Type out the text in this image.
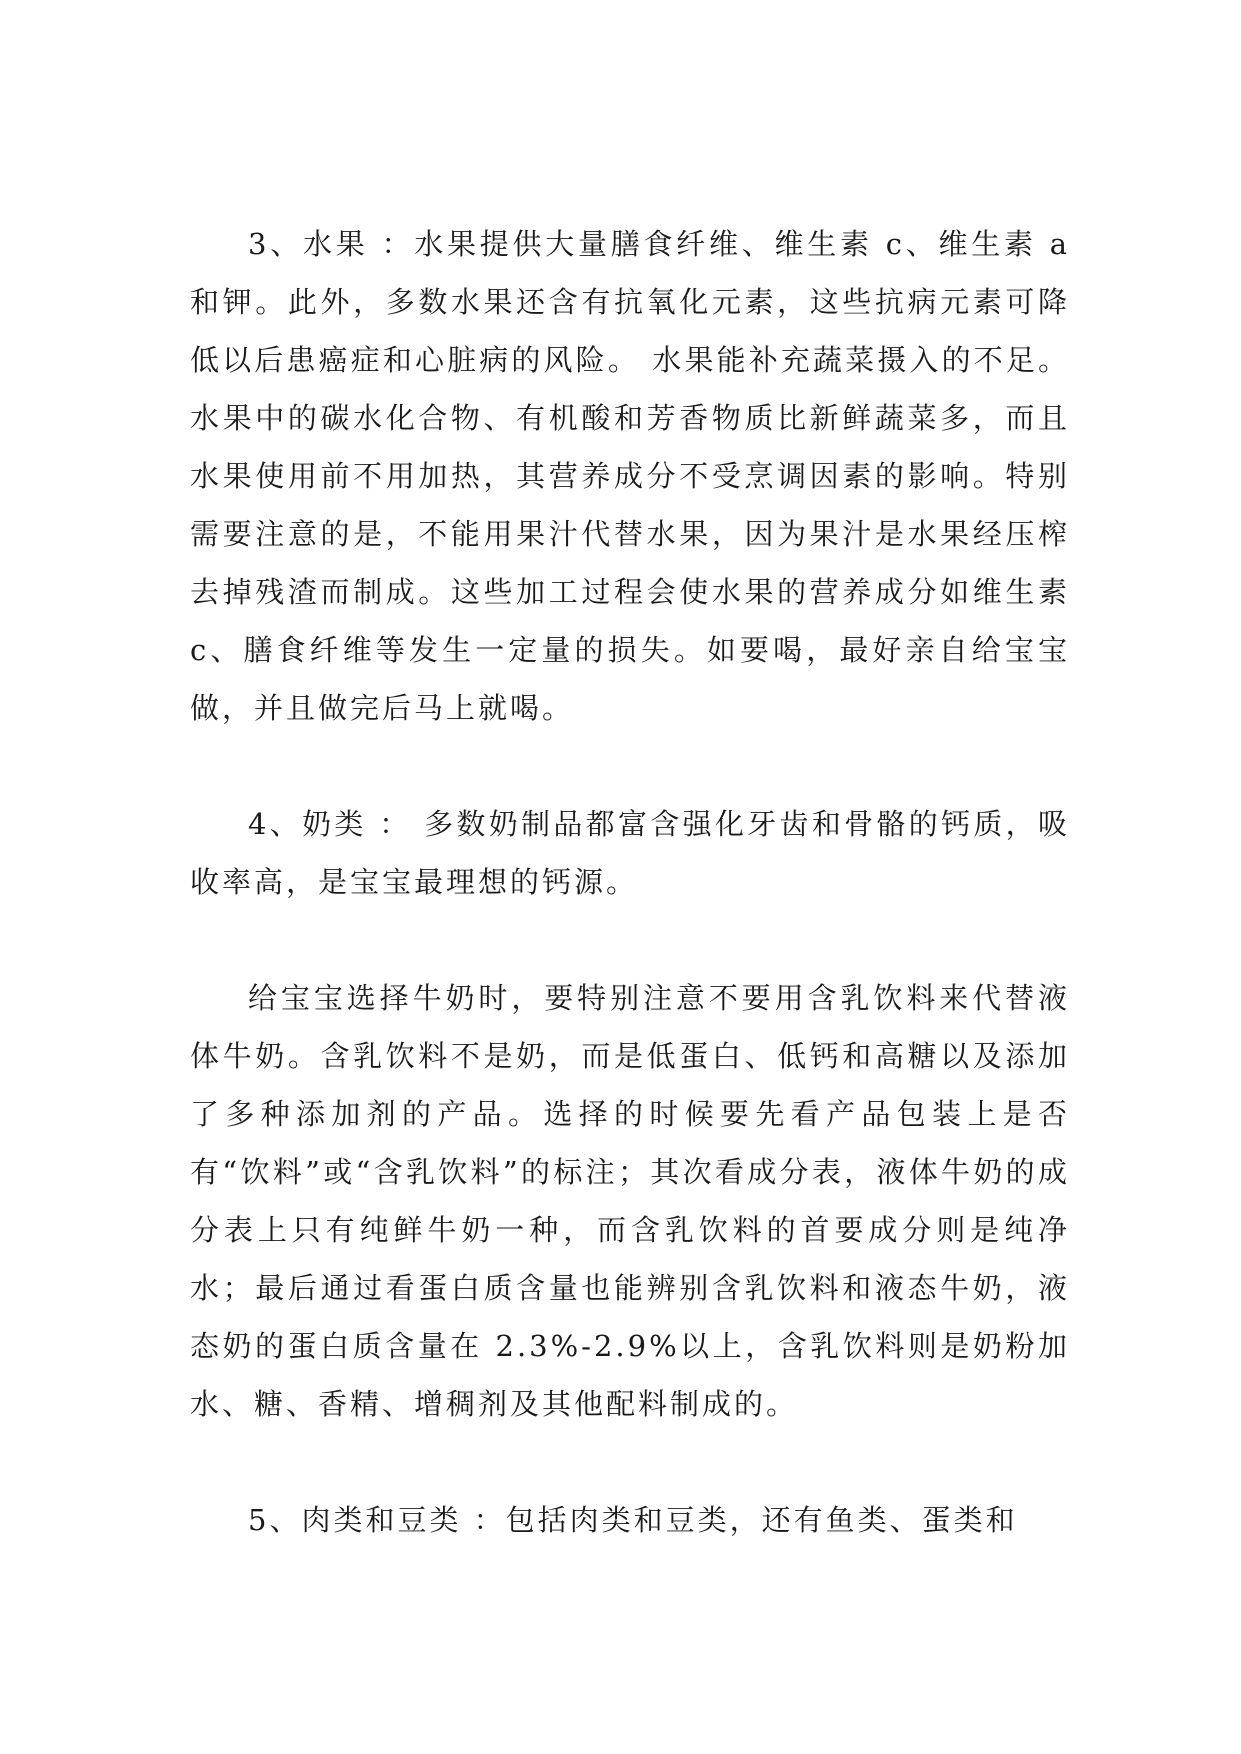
3、水果 ：水果提供大量膳食纤维、维生素 c、维生素 a 和钾。此外，多数水果还含有抗氧化元素，这些抗病元素可降低以后患癌症和心脏病的风险。 水果能补充蔬菜摄入的不足。水果中的碳水化合物、有机酸和芳香物质比新鲜蔬菜多，而且水果使用前不用加热，其营养成分不受烹调因素的影响。特别需要注意的是，不能用果汁代替水果，因为果汁是水果经压榨去掉残渣而制成。这些加工过程会使水果的营养成分如维生素 c、膳食纤维等发生一定量的损失。如要喝，最好亲自给宝宝做，并且做完后马上就喝。

4、奶类 ： 多数奶制品都富含强化牙齿和骨骼的钙质，吸收率高，是宝宝最理想的钙源。

给宝宝选择牛奶时，要特别注意不要用含乳饮料来代替液体牛奶。含乳饮料不是奶，而是低蛋白、低钙和高糖以及添加了多种添加剂的产品。选择的时候要先看产品包装上是否有“饮料”或“含乳饮料”的标注；其次看成分表，液体牛奶的成分表上只有纯鲜牛奶一种，而含乳饮料的首要成分则是纯净水；最后通过看蛋白质含量也能辨别含乳饮料和液态牛奶，液态奶的蛋白质含量在 2.3%-2.9%以上，含乳饮料则是奶粉加水、糖、香精、增稠剂及其他配料制成的。

5、肉类和豆类 ：包括肉类和豆类，还有鱼类、蛋类和
